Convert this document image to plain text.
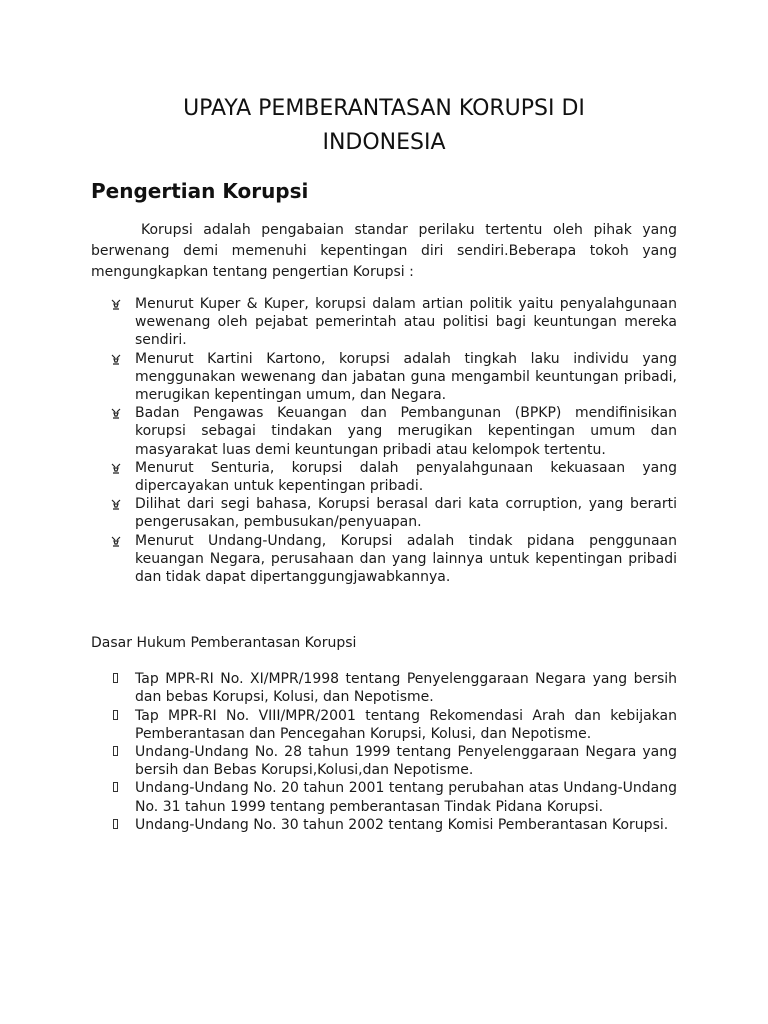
UPAYA PEMBERANTASAN KORUPSI DI
INDONESIA
Pengertian Korupsi

Korupsi adalah pengabaian standar perilaku tertentu oleh pihak yang berwenang demi memenuhi kepentingan diri sendiri.Beberapa tokoh yang mengungkapkan tentang pengertian Korupsi :

Menurut Kuper & Kuper, korupsi dalam artian politik yaitu penyalahgunaan wewenang oleh pejabat pemerintah atau politisi bagi keuntungan mereka sendiri.
Menurut Kartini Kartono, korupsi adalah tingkah laku individu yang menggunakan wewenang dan jabatan guna mengambil keuntungan pribadi, merugikan kepentingan umum, dan Negara.
Badan Pengawas Keuangan dan Pembangunan (BPKP) mendifinisikan korupsi sebagai tindakan yang merugikan kepentingan umum dan masyarakat luas demi keuntungan pribadi atau kelompok tertentu.
Menurut Senturia, korupsi dalah penyalahgunaan kekuasaan yang dipercayakan untuk kepentingan pribadi.
Dilihat dari segi bahasa, Korupsi berasal dari kata corruption, yang berarti pengerusakan, pembusukan/penyuapan.
Menurut Undang-Undang, Korupsi adalah tindak pidana penggunaan keuangan Negara, perusahaan dan yang lainnya untuk kepentingan pribadi dan tidak dapat dipertanggungjawabkannya.

Dasar Hukum Pemberantasan Korupsi

Tap MPR-RI No. XI/MPR/1998 tentang Penyelenggaraan Negara yang bersih dan bebas Korupsi, Kolusi, dan Nepotisme.
Tap MPR-RI No. VIII/MPR/2001 tentang Rekomendasi Arah dan kebijakan Pemberantasan dan Pencegahan Korupsi, Kolusi, dan Nepotisme.
Undang-Undang No. 28 tahun 1999 tentang Penyelenggaraan Negara yang bersih dan Bebas Korupsi,Kolusi,dan Nepotisme.
Undang-Undang No. 20 tahun 2001 tentang perubahan atas Undang-Undang No. 31 tahun 1999 tentang pemberantasan Tindak Pidana Korupsi.
Undang-Undang No. 30 tahun 2002 tentang Komisi Pemberantasan Korupsi.
